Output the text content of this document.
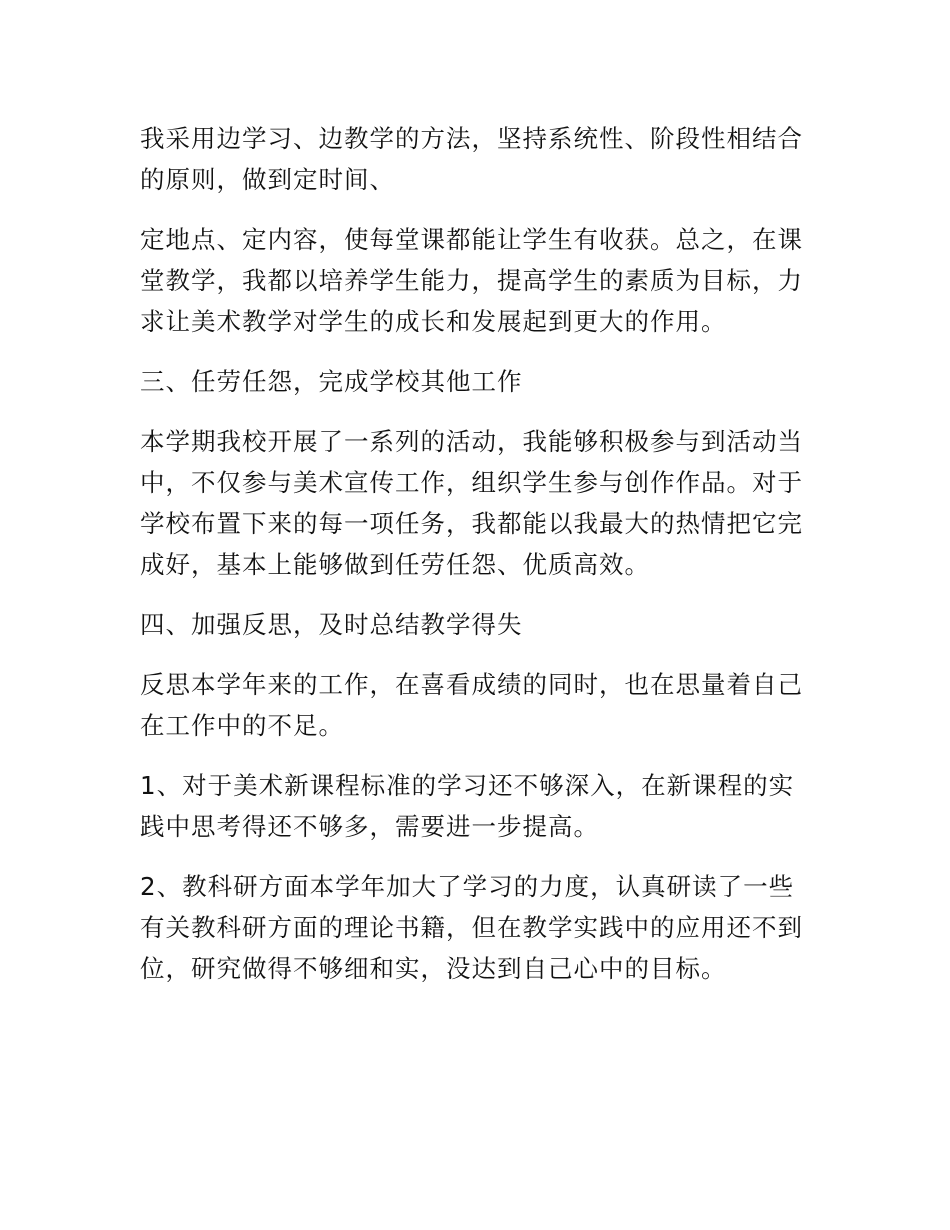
我采用边学习、边教学的方法，坚持系统性、阶段性相结合的原则，做到定时间、

定地点、定内容，使每堂课都能让学生有收获。总之，在课堂教学，我都以培养学生能力，提高学生的素质为目标，力求让美术教学对学生的成长和发展起到更大的作用。

三、任劳任怨，完成学校其他工作

本学期我校开展了一系列的活动，我能够积极参与到活动当中，不仅参与美术宣传工作，组织学生参与创作作品。对于学校布置下来的每一项任务，我都能以我最大的热情把它完成好，基本上能够做到任劳任怨、优质高效。

四、加强反思，及时总结教学得失

反思本学年来的工作，在喜看成绩的同时，也在思量着自己在工作中的不足。

1、对于美术新课程标准的学习还不够深入，在新课程的实践中思考得还不够多，需要进一步提高。

2、教科研方面本学年加大了学习的力度，认真研读了一些有关教科研方面的理论书籍，但在教学实践中的应用还不到位，研究做得不够细和实，没达到自己心中的目标。
